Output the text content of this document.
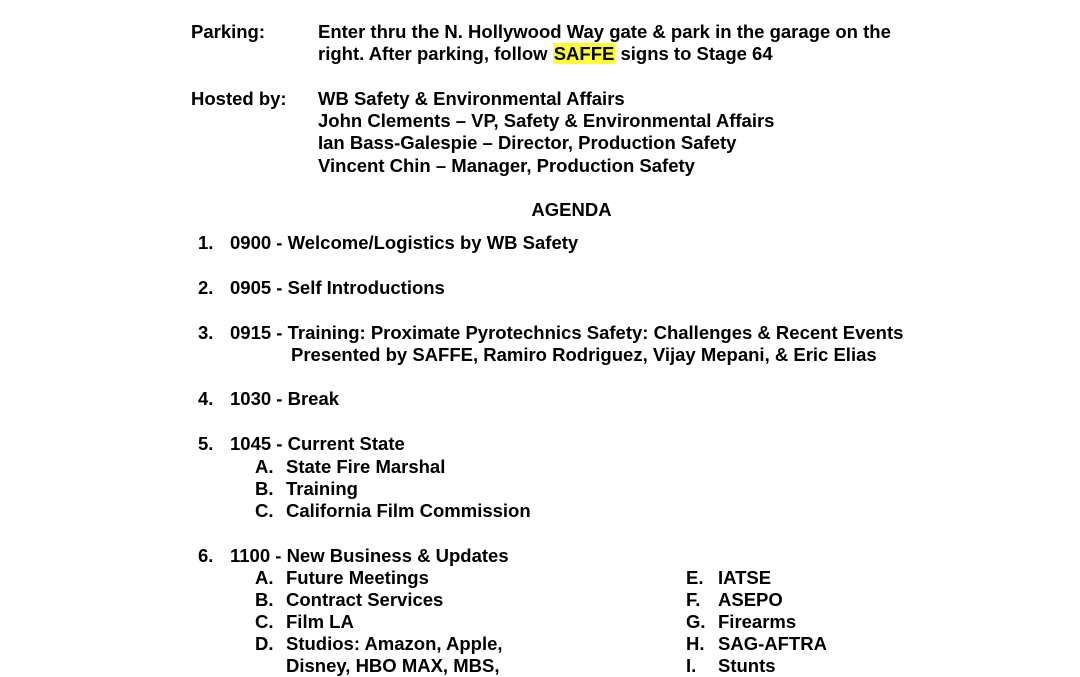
Parking:	Enter thru the N. Hollywood Way gate & park in the garage on the
right. After parking, follow SAFFE signs to Stage 64
Hosted by: WB Safety & Environmental Affairs
John Clements – VP, Safety & Environmental Affairs
Ian Bass-Galespie – Director, Production Safety
Vincent Chin – Manager, Production Safety
AGENDA
1. 0900 - Welcome/Logistics by WB Safety
2. 0905 - Self Introductions
3. 0915 - Training: Proximate Pyrotechnics Safety: Challenges & Recent Events
Presented by SAFFE, Ramiro Rodriguez, Vijay Mepani, & Eric Elias
4. 1030 - Break
5. 1045 - Current State
A. State Fire Marshal
B. Training
C. California Film Commission
6. 1100 - New Business & Updates
A. Future Meetings
B. Contract Services
C. Film LA
D. Studios: Amazon, Apple,
Disney, HBO MAX, MBS,
E. IATSE
F. ASEPO
G. Firearms
H. SAG-AFTRA
I. Stunts
